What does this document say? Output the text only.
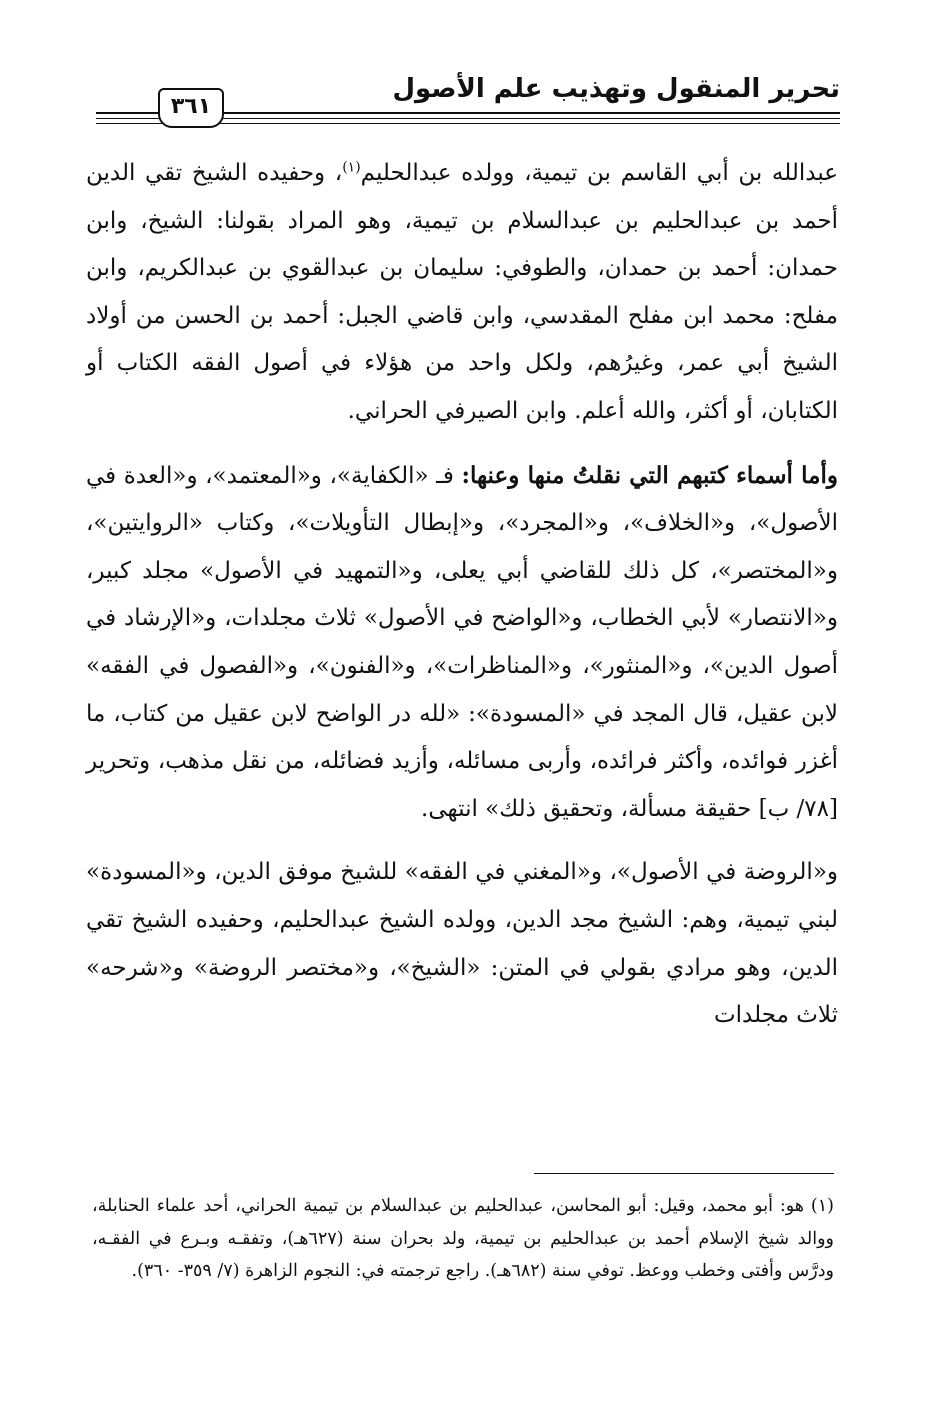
تحرير المنقول وتهذيب علم الأصول
٣٦١

عبدالله بن أبي القاسم بن تيمية، وولده عبدالحليم$^{(١)}$، وحفيده الشيخ تقي الدين أحمد بن عبدالحليم بن عبدالسلام بن تيمية، وهو المراد بقولنا: الشيخ، وابن حمدان: أحمد بن حمدان، والطوفي: سليمان بن عبدالقوي بن عبدالكريم، وابن مفلح: محمد ابن مفلح المقدسي، وابن قاضي الجبل: أحمد بن الحسن من أولاد الشيخ أبي عمر، وغيرُهم، ولكل واحد من هؤلاء في أصول الفقه الكتاب أو الكتابان، أو أكثر، والله أعلم. وابن الصيرفي الحراني.

وأما أسماء كتبهم التي نقلتُ منها وعنها: فـ «الكفاية»، و«المعتمد»، و«العدة في الأصول»، و«الخلاف»، و«المجرد»، و«إبطال التأويلات»، وكتاب «الروايتين»، و«المختصر»، كل ذلك للقاضي أبي يعلى، و«التمهيد في الأصول» مجلد كبير، و«الانتصار» لأبي الخطاب، و«الواضح في الأصول» ثلاث مجلدات، و«الإرشاد في أصول الدين»، و«المنثور»، و«المناظرات»، و«الفنون»، و«الفصول في الفقه» لابن عقيل، قال المجد في «المسودة»: «لله در الواضح لابن عقيل من كتاب، ما أغزر فوائده، وأكثر فرائده، وأربى مسائله، وأزيد فضائله، من نقل مذهب، وتحرير [٧٨/ ب] حقيقة مسألة، وتحقيق ذلك» انتهى.

و«الروضة في الأصول»، و«المغني في الفقه» للشيخ موفق الدين، و«المسودة» لبني تيمية، وهم: الشيخ مجد الدين، وولده الشيخ عبدالحليم، وحفيده الشيخ تقي الدين، وهو مرادي بقولي في المتن: «الشيخ»، و«مختصر الروضة» و«شرحه» ثلاث مجلدات

(١) هو: أبو محمد، وقيل: أبو المحاسن، عبدالحليم بن عبدالسلام بن تيمية الحراني، أحد علماء الحنابلة، ووالد شيخ الإسلام أحمد بن عبدالحليم بن تيمية، ولد بحران سنة (٦٢٧هـ)، وتفقـه وبـرع في الفقـه، ودرَّس وأفتى وخطب ووعظ. توفي سنة (٦٨٢هـ). راجع ترجمته في: النجوم الزاهرة (٧/ ٣٥٩- ٣٦٠).
